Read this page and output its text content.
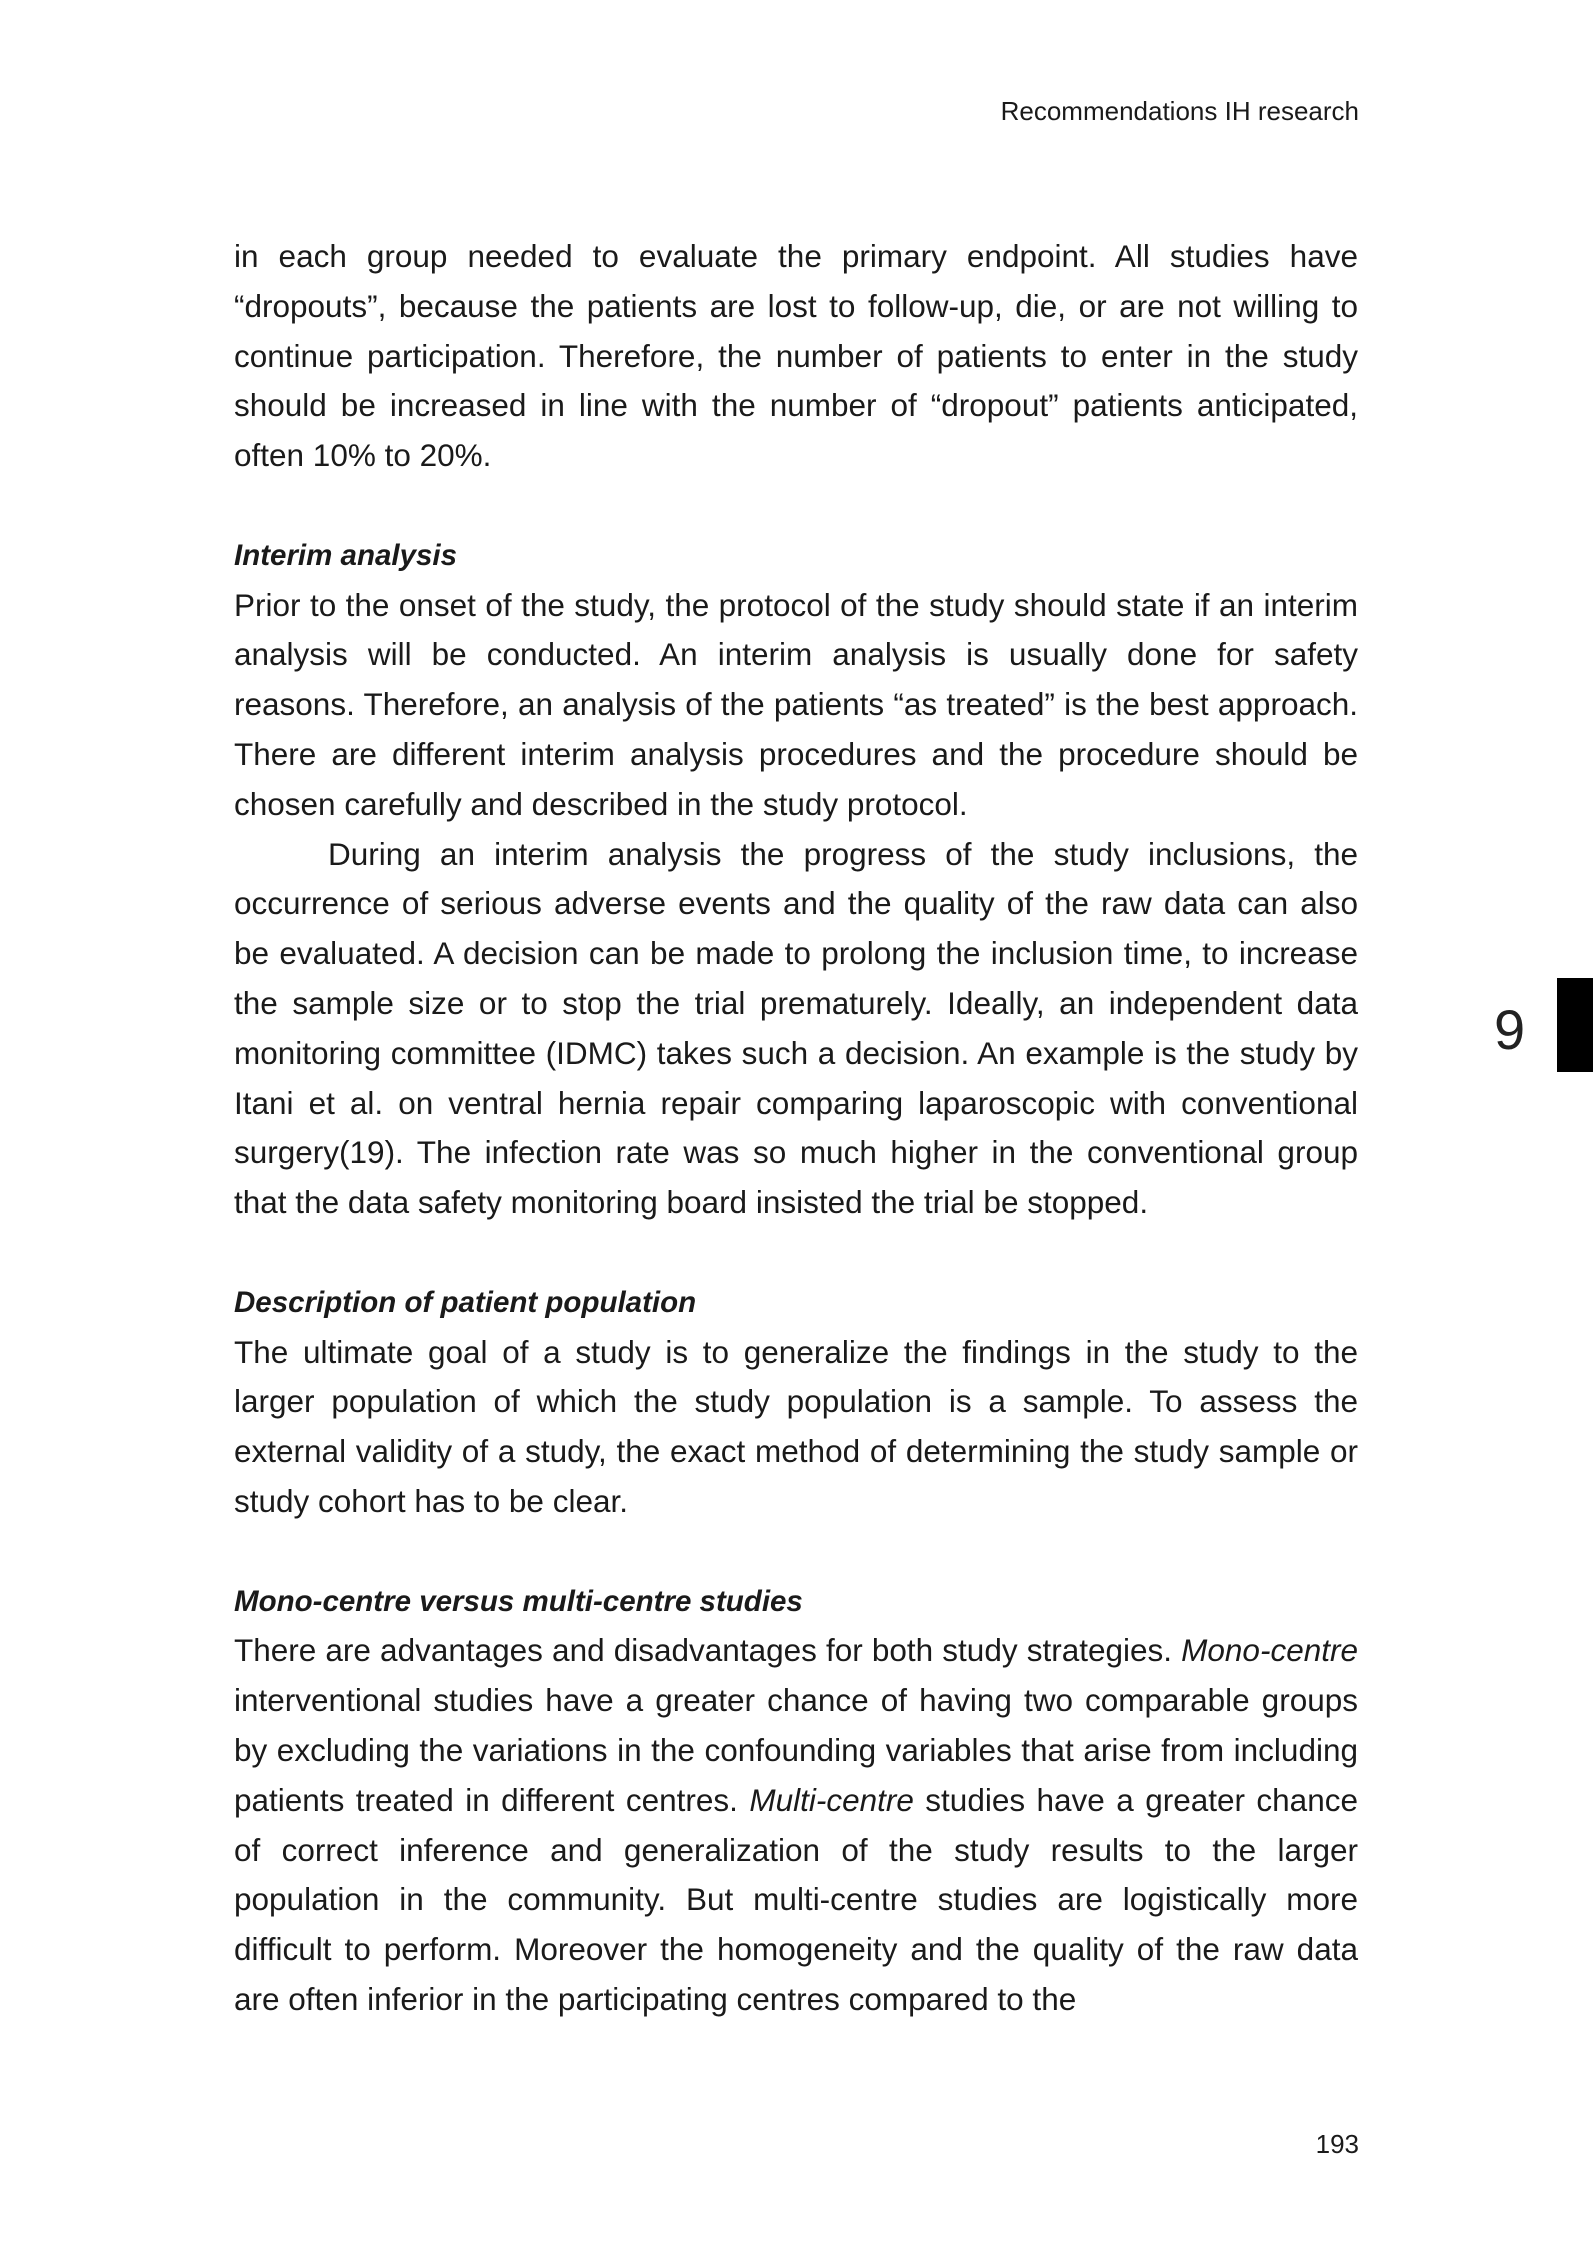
Recommendations IH research
9

in each group needed to evaluate the primary endpoint. All studies have “dropouts”, because the patients are lost to follow-up, die, or are not willing to continue participation. Therefore, the number of patients to enter in the study should be increased in line with the number of “dropout” patients anticipated, often 10% to 20%.

Interim analysis

Prior to the onset of the study, the protocol of the study should state if an interim analysis will be conducted. An interim analysis is usually done for safety reasons. Therefore, an analysis of the patients “as treated” is the best approach. There are different interim analysis procedures and the procedure should be chosen carefully and described in the study protocol.

During an interim analysis the progress of the study inclusions, the occurrence of serious adverse events and the quality of the raw data can also be evaluated. A decision can be made to prolong the inclusion time, to increase the sample size or to stop the trial prematurely. Ideally, an independent data monitoring committee (IDMC) takes such a decision. An example is the study by Itani et al. on ventral hernia repair comparing laparoscopic with conventional surgery(19). The infection rate was so much higher in the conventional group that the data safety monitoring board insisted the trial be stopped.

Description of patient population

The ultimate goal of a study is to generalize the findings in the study to the larger population of which the study population is a sample. To assess the external validity of a study, the exact method of determining the study sample or study cohort has to be clear.

Mono-centre versus multi-centre studies

There are advantages and disadvantages for both study strategies. Mono-centre interventional studies have a greater chance of having two comparable groups by excluding the variations in the confounding variables that arise from including patients treated in different centres. Multi-centre studies have a greater chance of correct inference and generalization of the study results to the larger population in the community. But multi-centre studies are logistically more difficult to perform. Moreover the homogeneity and the quality of the raw data are often inferior in the participating centres compared to the

193
